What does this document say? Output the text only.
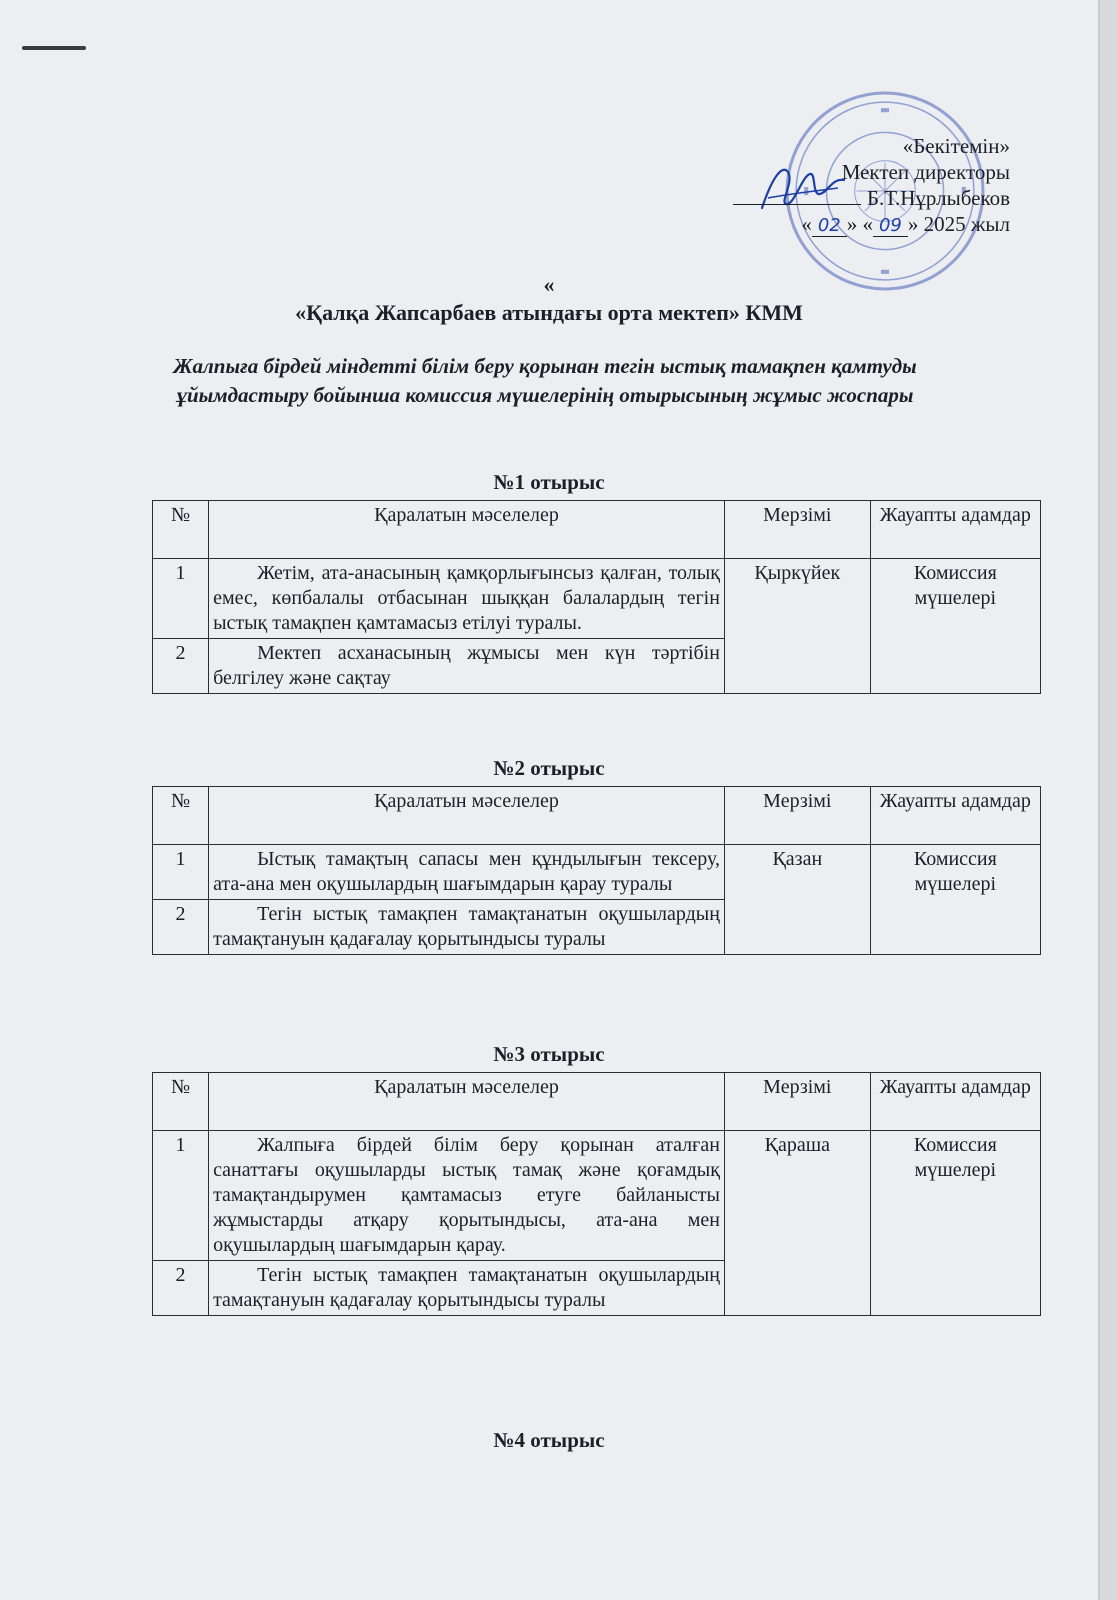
«Бекітемін»
Мектеп директоры
Б.Т.Нұрлыбеков
« 02 » « 09 » 2025 жыл
«
«Қалқа Жапсарбаев атындағы орта мектеп» КММ
Жалпыға бірдей міндетті білім беру қорынан тегін ыстық тамақпен қамтуды ұйымдастыру бойынша комиссия мүшелерінің отырысының жұмыс жоспары
№1 отырыс
№	Қаралатын мәселелер	Мерзімі	Жауапты адамдар
1	Жетім, ата-анасының қамқорлығынсыз қалған, толық емес, көпбалалы отбасынан шыққан балалардың тегін ыстық тамақпен қамтамасыз етілуі туралы.	Қыркүйек	Комиссия мүшелері
2	Мектеп асханасының жұмысы мен күн тәртібін белгілеу және сақтау		
№2 отырыс
№	Қаралатын мәселелер	Мерзімі	Жауапты адамдар
1	Ыстық тамақтың сапасы мен құндылығын тексеру, ата-ана мен оқушылардың шағымдарын қарау туралы	Қазан	Комиссия мүшелері
2	Тегін ыстық тамақпен тамақтанатын оқушылардың тамақтануын қадағалау қорытындысы туралы		
№3 отырыс
№	Қаралатын мәселелер	Мерзімі	Жауапты адамдар
1	Жалпыға бірдей білім беру қорынан аталған санаттағы оқушыларды ыстық тамақ және қоғамдық тамақтандырумен қамтамасыз етуге байланысты жұмыстарды атқару қорытындысы, ата-ана мен оқушылардың шағымдарын қарау.	Қараша	Комиссия мүшелері
2	Тегін ыстық тамақпен тамақтанатын оқушылардың тамақтануын қадағалау қорытындысы туралы		
№4 отырыс
